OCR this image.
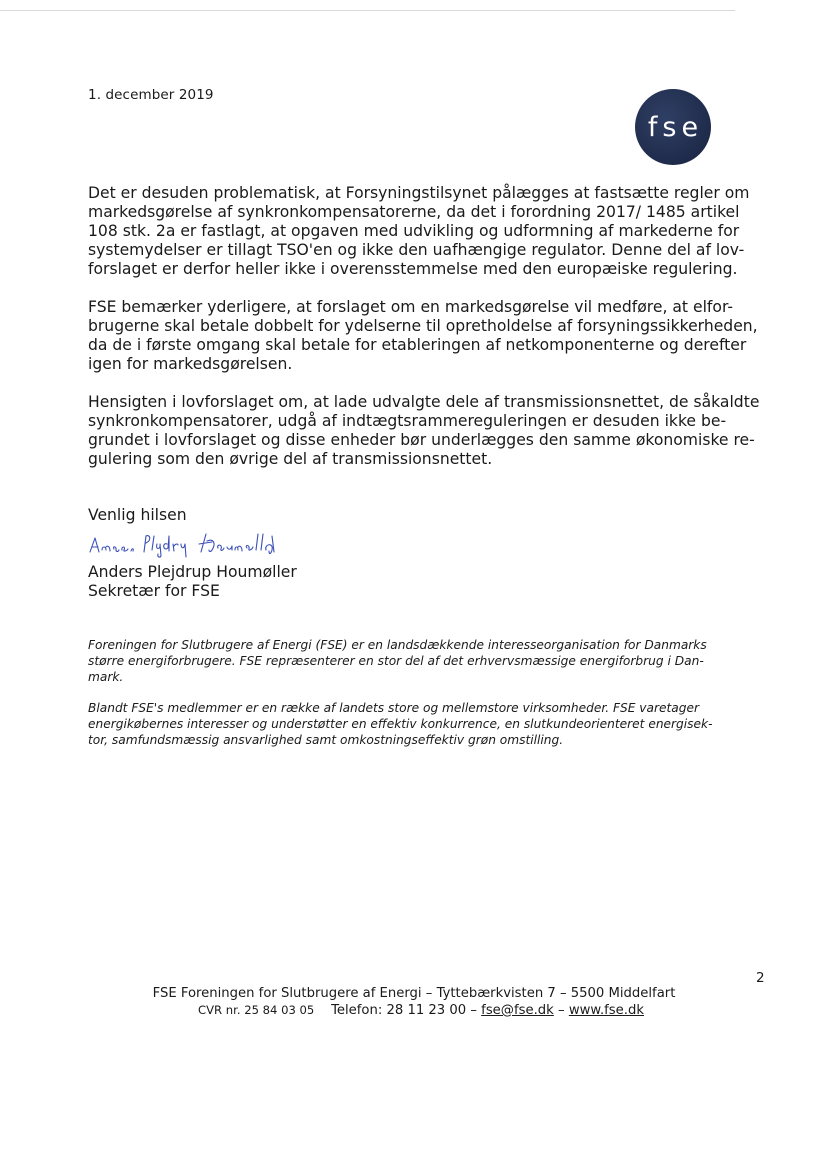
1. december 2019
fse

Det er desuden problematisk, at Forsyningstilsynet pålægges at fastsætte regler om
markedsgørelse af synkronkompensatorerne, da det i forordning 2017/ 1485 artikel
108 stk. 2a er fastlagt, at opgaven med udvikling og udformning af markederne for
systemydelser er tillagt TSO'en og ikke den uafhængige regulator. Denne del af lov-
forslaget er derfor heller ikke i overensstemmelse med den europæiske regulering.

FSE bemærker yderligere, at forslaget om en markedsgørelse vil medføre, at elfor-
brugerne skal betale dobbelt for ydelserne til opretholdelse af forsyningssikkerheden,
da de i første omgang skal betale for etableringen af netkomponenterne og derefter
igen for markedsgørelsen.

Hensigten i lovforslaget om, at lade udvalgte dele af transmissionsnettet, de såkaldte
synkronkompensatorer, udgå af indtægtsrammereguleringen er desuden ikke be-
grundet i lovforslaget og disse enheder bør underlægges den samme økonomiske re-
gulering som den øvrige del af transmissionsnettet.

Venlig hilsen
Anders Plejdrup Houmøller
Sekretær for FSE

Foreningen for Slutbrugere af Energi (FSE) er en landsdækkende interesseorganisation for Danmarks
større energiforbrugere. FSE repræsenterer en stor del af det erhvervsmæssige energiforbrug i Dan-
mark.

Blandt FSE's medlemmer er en række af landets store og mellemstore virksomheder. FSE varetager
energikøbernes interesser og understøtter en effektiv konkurrence, en slutkundeorienteret energisek-
tor, samfundsmæssig ansvarlighed samt omkostningseffektiv grøn omstilling.

2
FSE Foreningen for Slutbrugere af Energi – Tyttebærkvisten 7 – 5500 Middelfart
CVR nr. 25 84 03 05 Telefon: 28 11 23 00 – fse@fse.dk – www.fse.dk
